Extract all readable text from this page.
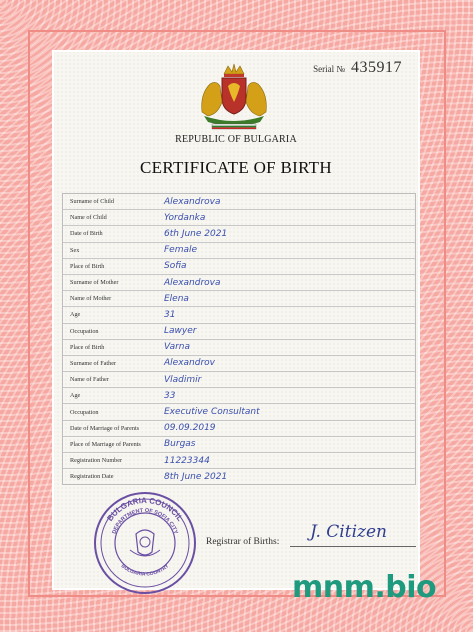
Serial № 435917
REPUBLIC OF BULGARIA
CERTIFICATE OF BIRTH
Surname of Child	Alexandrova
Name of Child	Yordanka
Date of Birth	6th June 2021
Sex	Female
Place of Birth	Sofia
Surname of Mother	Alexandrova
Name of Mother	Elena
Age	31
Occupation	Lawyer
Place of Birth	Varna
Surname of Father	Alexandrov
Name of Father	Vladimir
Age	33
Occupation	Executive Consultant
Date of Marriage of Parents	09.09.2019
Place of Marriage of Parents	Burgas
Registration Number	11223344
Registration Date	8th June 2021
BULGARIA COUNCIL
DEPARTMENT OF SOFIA CITY
BULGARIA COUNTRY
Registrar of Births: J. Citizen
mnm.bio
